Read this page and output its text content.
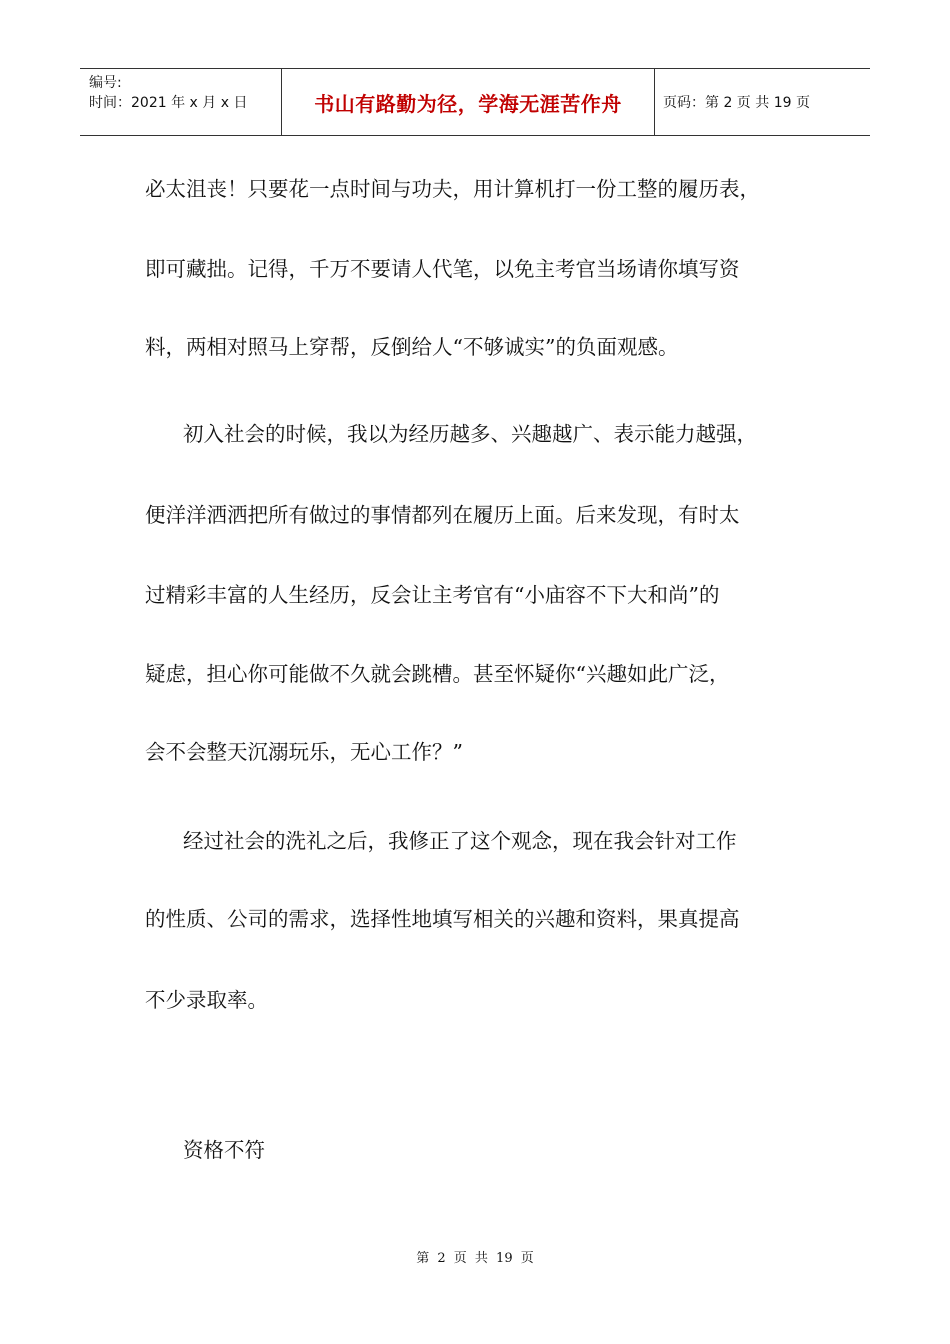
编号:
时间：2021 年 x 月 x 日	书山有路勤为径，学海无涯苦作舟	页码：第 2 页 共 19 页
必太沮丧！只要花一点时间与功夫，用计算机打一份工整的履历表，
即可藏拙。记得，千万不要请人代笔，以免主考官当场请你填写资
料，两相对照马上穿帮，反倒给人“不够诚实”的负面观感。
初入社会的时候，我以为经历越多、兴趣越广、表示能力越强，
便洋洋洒洒把所有做过的事情都列在履历上面。后来发现，有时太
过精彩丰富的人生经历，反会让主考官有“小庙容不下大和尚”的
疑虑，担心你可能做不久就会跳槽。甚至怀疑你“兴趣如此广泛，
会不会整天沉溺玩乐，无心工作？”
经过社会的洗礼之后，我修正了这个观念，现在我会针对工作
的性质、公司的需求，选择性地填写相关的兴趣和资料，果真提高
不少录取率。
资格不符
第 2 页 共 19 页
